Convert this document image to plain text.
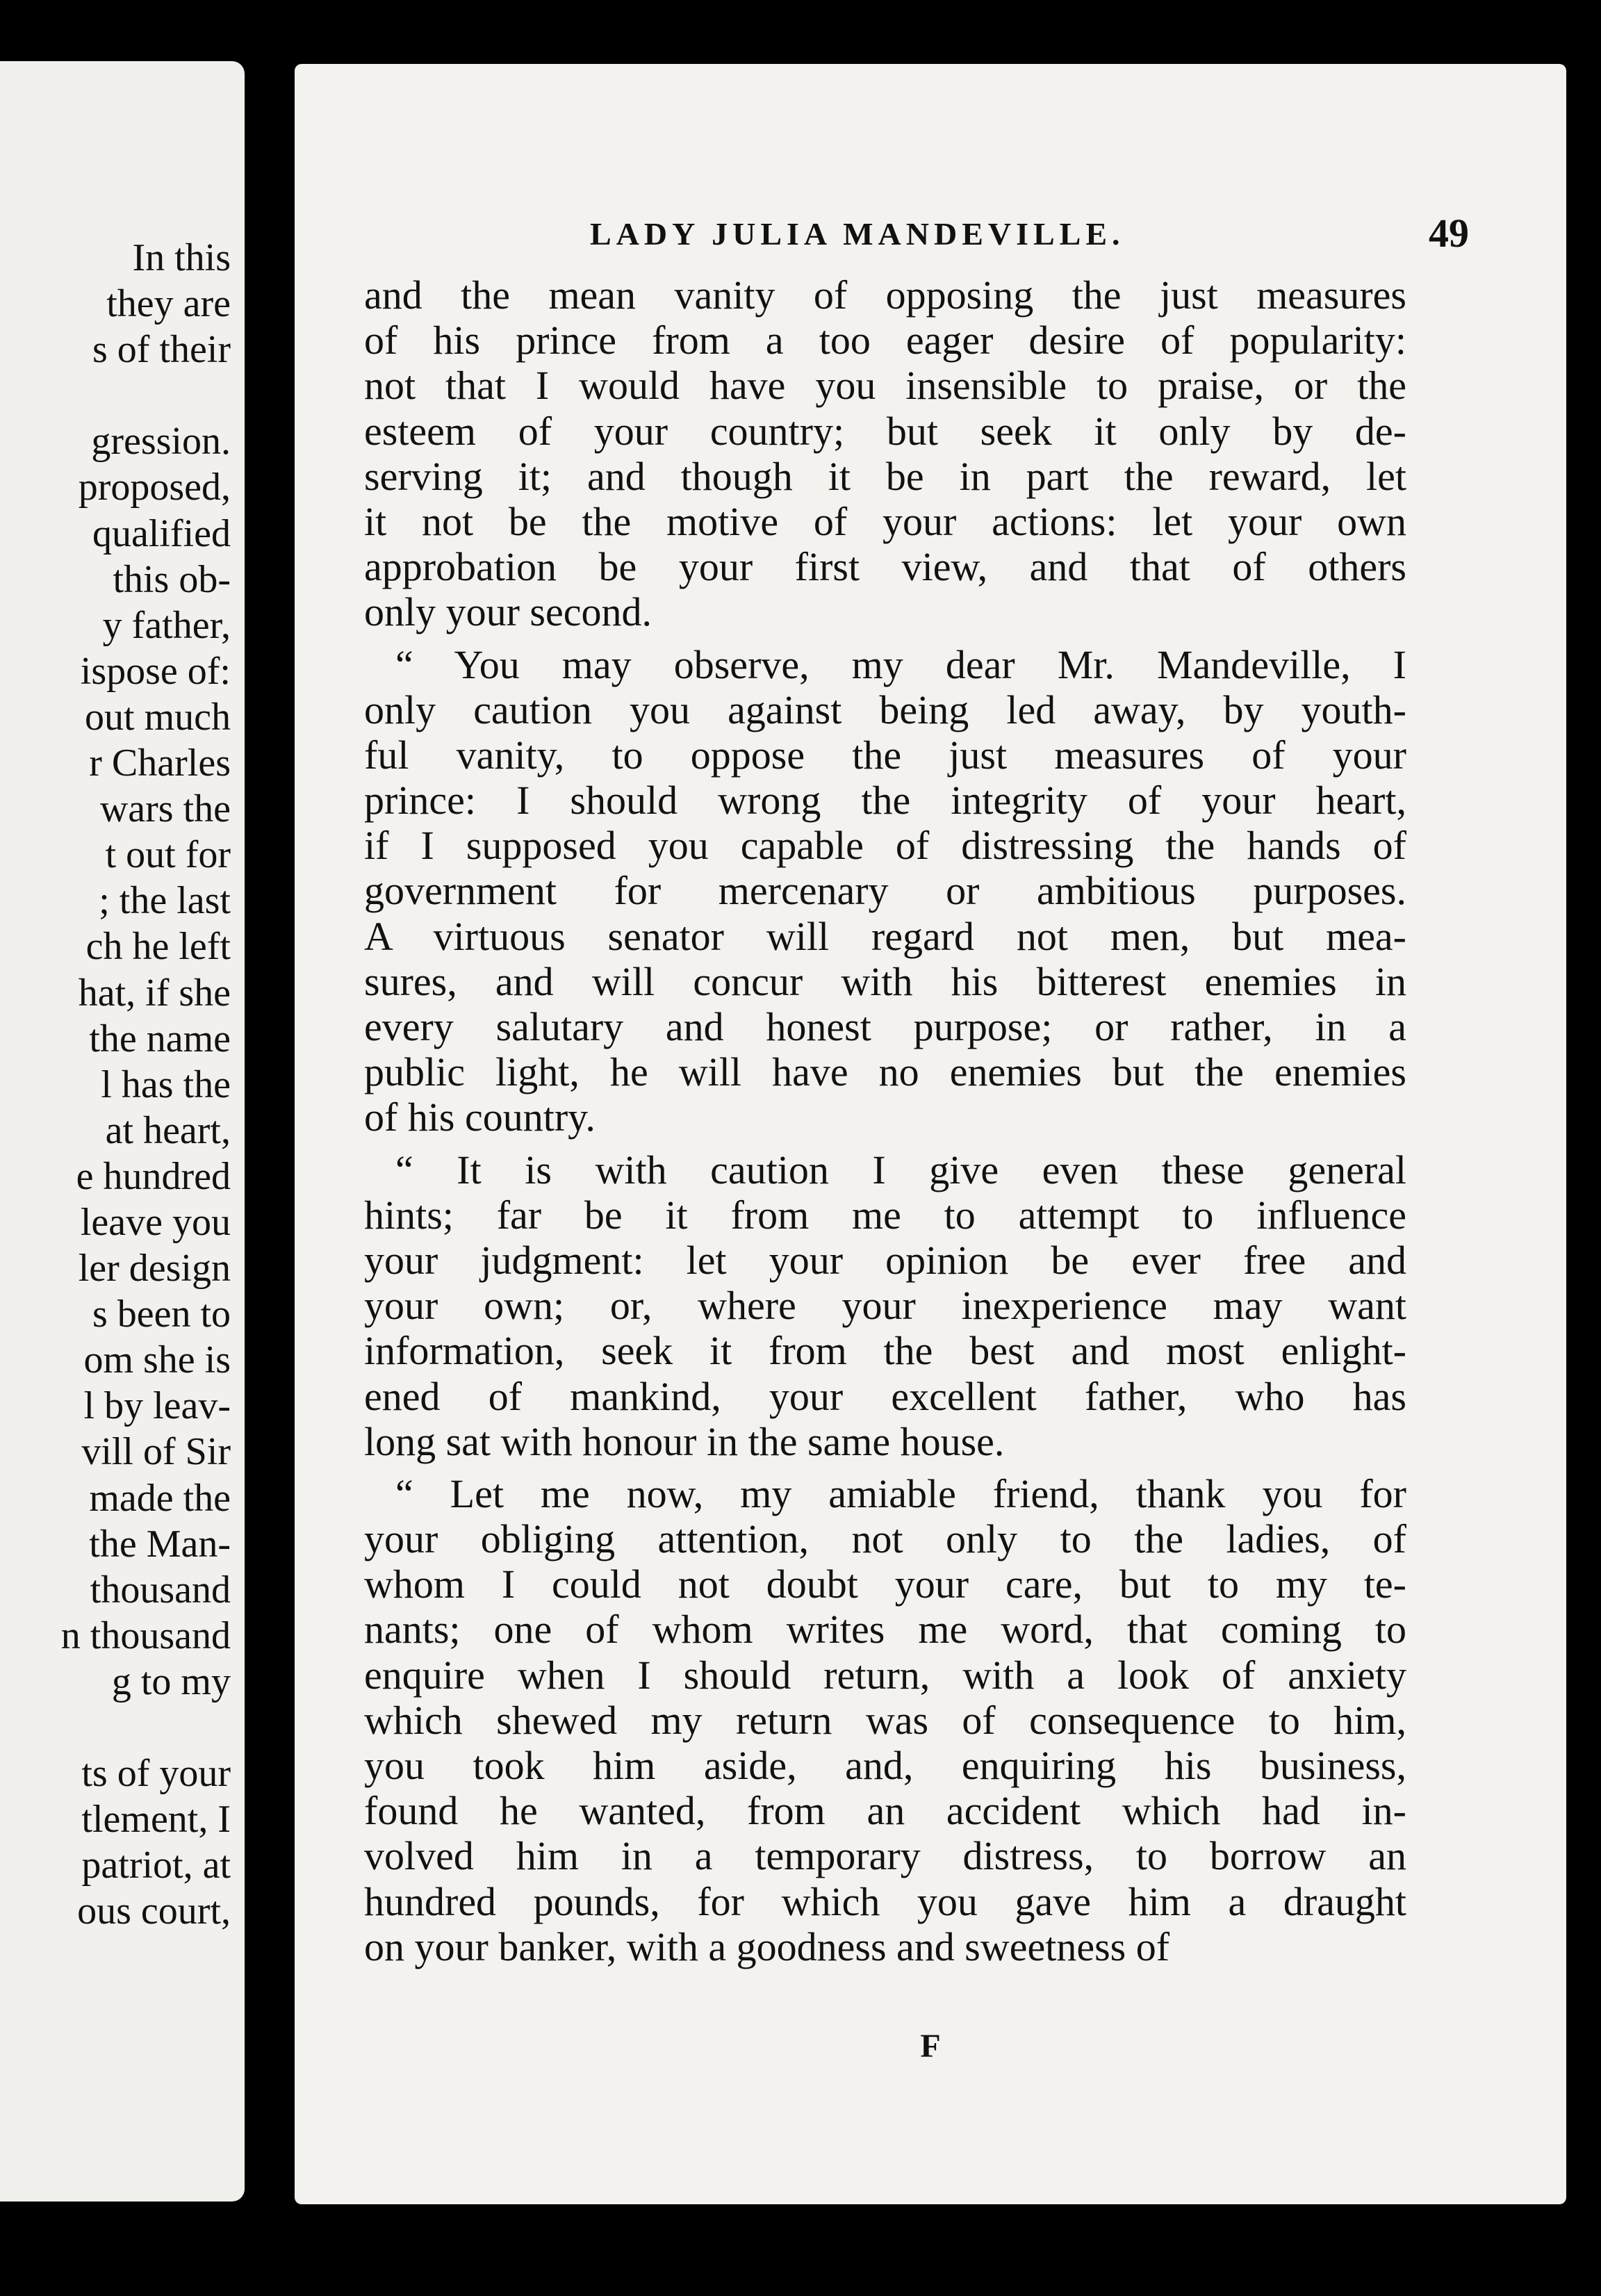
In this
they are
s of their
gression.
proposed,
qualified
this ob-
y father,
ispose of:
out much
r Charles
wars the
t out for
; the last
ch he left
hat, if she
the name
l has the
at heart,
e hundred
leave you
ler design
s been to
om she is
l by leav-
vill of Sir
made the
the Man-
thousand
n thousand
g to my
ts of your
tlement, I
patriot, at
ous court,
LADY JULIA MANDEVILLE.	49
and the mean vanity of opposing the just measures
of his prince from a too eager desire of popularity:
not that I would have you insensible to praise, or the
esteem of your country; but seek it only by de-
serving it; and though it be in part the reward, let
it not be the motive of your actions: let your own
approbation be your first view, and that of others
only your second.
“ You may observe, my dear Mr. Mandeville, I
only caution you against being led away, by youth-
ful vanity, to oppose the just measures of your
prince: I should wrong the integrity of your heart,
if I supposed you capable of distressing the hands of
government for mercenary or ambitious purposes.
A virtuous senator will regard not men, but mea-
sures, and will concur with his bitterest enemies in
every salutary and honest purpose; or rather, in a
public light, he will have no enemies but the enemies
of his country.
“ It is with caution I give even these general
hints; far be it from me to attempt to influence
your judgment: let your opinion be ever free and
your own; or, where your inexperience may want
information, seek it from the best and most enlight-
ened of mankind, your excellent father, who has
long sat with honour in the same house.
“ Let me now, my amiable friend, thank you for
your obliging attention, not only to the ladies, of
whom I could not doubt your care, but to my te-
nants; one of whom writes me word, that coming to
enquire when I should return, with a look of anxiety
which shewed my return was of consequence to him,
you took him aside, and, enquiring his business,
found he wanted, from an accident which had in-
volved him in a temporary distress, to borrow an
hundred pounds, for which you gave him a draught
on your banker, with a goodness and sweetness of
F
